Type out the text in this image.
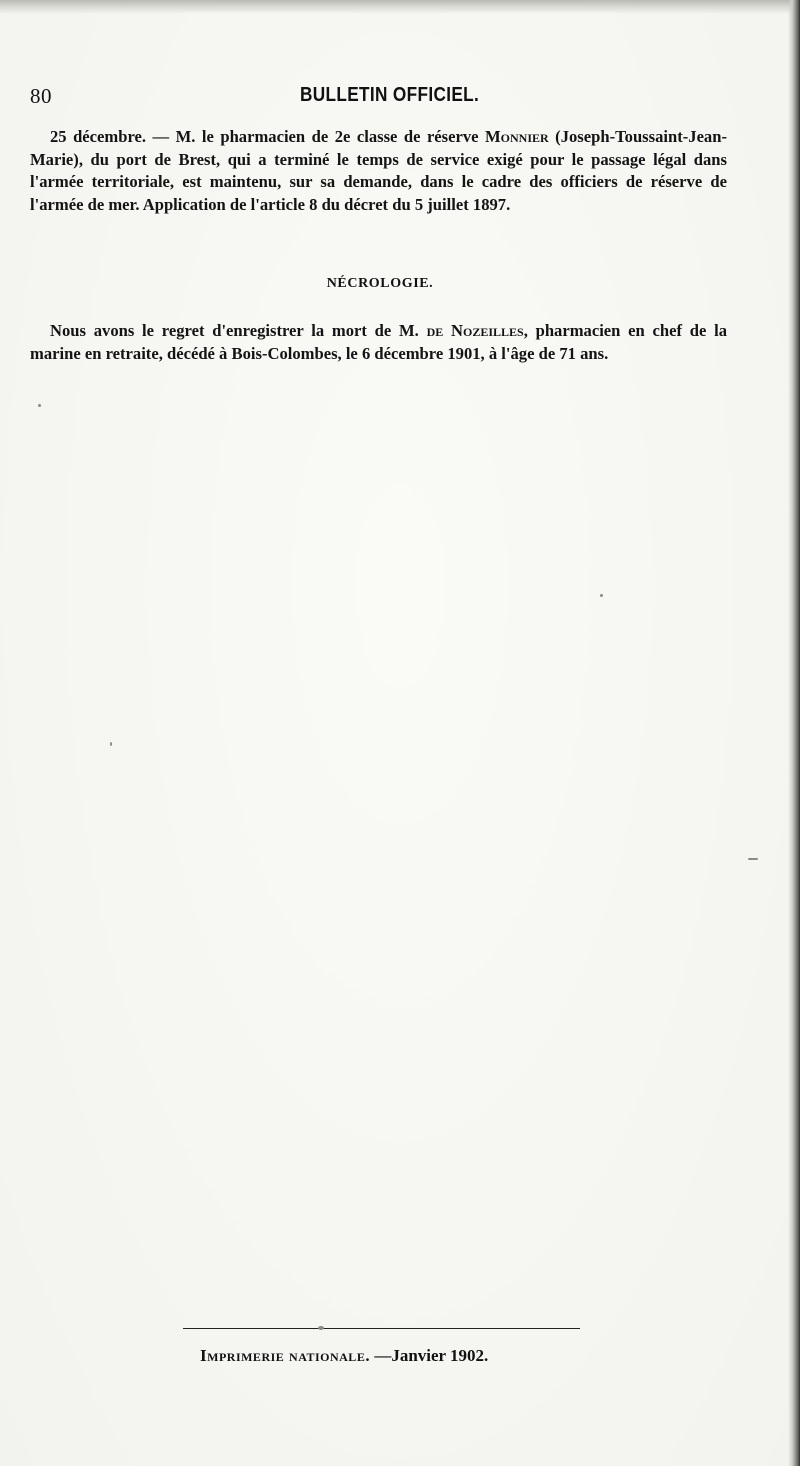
80	BULLETIN OFFICIEL.
25 décembre. — M. le pharmacien de 2e classe de réserve Monnier (Joseph-Toussaint-Jean-Marie), du port de Brest, qui a terminé le temps de service exigé pour le passage légal dans l'armée territoriale, est maintenu, sur sa demande, dans le cadre des officiers de réserve de l'armée de mer. Application de l'article 8 du décret du 5 juillet 1897.
NÉCROLOGIE.
Nous avons le regret d'enregistrer la mort de M. de Nozeilles, pharmacien en chef de la marine en retraite, décédé à Bois-Colombes, le 6 décembre 1901, à l'âge de 71 ans.
Imprimerie nationale. —Janvier 1902.
